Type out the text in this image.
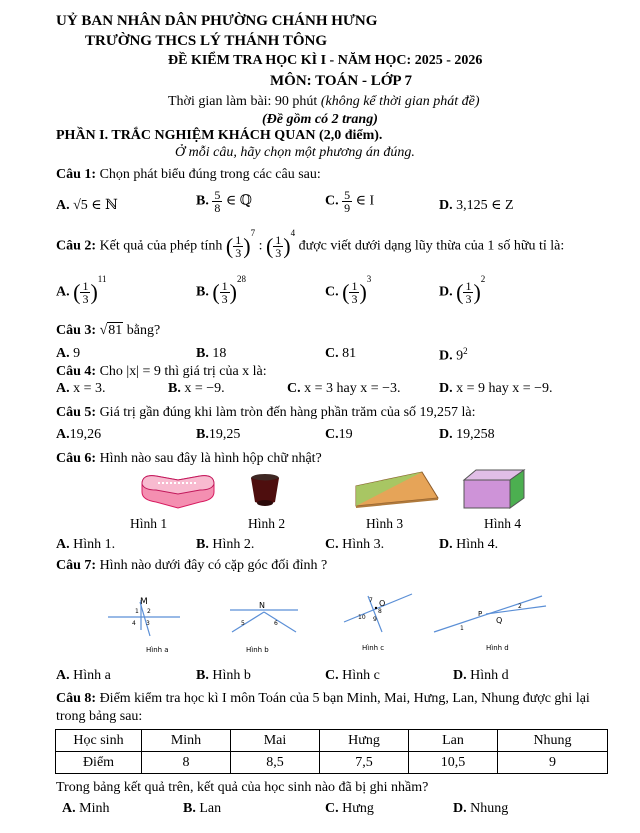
UỶ BAN NHÂN DÂN PHƯỜNG CHÁNH HƯNG
TRƯỜNG THCS LÝ THÁNH TÔNG
ĐỀ KIỂM TRA HỌC KÌ I - NĂM HỌC: 2025 - 2026
MÔN: TOÁN - LỚP 7
Thời gian làm bài: 90 phút (không kể thời gian phát đề)
(Đề gồm có 2 trang)
PHẦN I. TRẮC NGHIỆM KHÁCH QUAN (2,0 điểm).
Ở mỗi câu, hãy chọn một phương án đúng.
Câu 1: Chọn phát biểu đúng trong các câu sau:
A. √5 ∈ ℕ	B. $\frac{5}{8}$ ∈ ℚ	C. $\frac{5}{9}$ ∈ I	D. 3,125 ∈ Z
Câu 2: Kết quả của phép tính ( $\frac{1}{3} )^7$ : ( $\frac{1}{3} )^4$ được viết dưới dạng lũy thừa của 1 số hữu tỉ là:
A. ( $\frac{1}{3} )^{11}$
B. ( $\frac{1}{3} )^{28}$
C. ( $\frac{1}{3} )^3$
D. ( $\frac{1}{3} )^2$
Câu 3: √81 bằng?
A. 9	B. 18	C. 81	D. $9^2$
Câu 4: Cho |x| = 9 thì giá trị của x là:
A. x = 3.	B. x = −9.	C. x = 3 hay x = −3.	D. x = 9 hay x = −9.
Câu 5: Giá trị gần đúng khi làm tròn đến hàng phần trăm của số 19,257 là:
A.19,26	B.19,25	C.19	D. 19,258
Câu 6: Hình nào sau đây là hình hộp chữ nhật?
Hình 1	Hình 2	Hình 3	Hình 4
A. Hình 1.	B. Hình 2.	C. Hình 3.	D. Hình 4.
Câu 7: Hình nào dưới đây có cặp góc đối đỉnh ?
M
1 2
3
4
Hình a
N
5	6
Hình b
O
7
8
9
10
Hình c
P
Q
1
2
Hình d
A. Hình a	B. Hình b	C. Hình c	D. Hình d
Câu 8: Điểm kiểm tra học kì I môn Toán của 5 bạn Minh, Mai, Hưng, Lan, Nhung được ghi lại
trong bảng sau:
Học sinh	Minh	Mai	Hưng	Lan	Nhung
Điểm	8	8,5	7,5	10,5	9
Trong bảng kết quả trên, kết quả của học sinh nào đã bị ghi nhầm?
A. Minh	B. Lan	C. Hưng	D. Nhung
